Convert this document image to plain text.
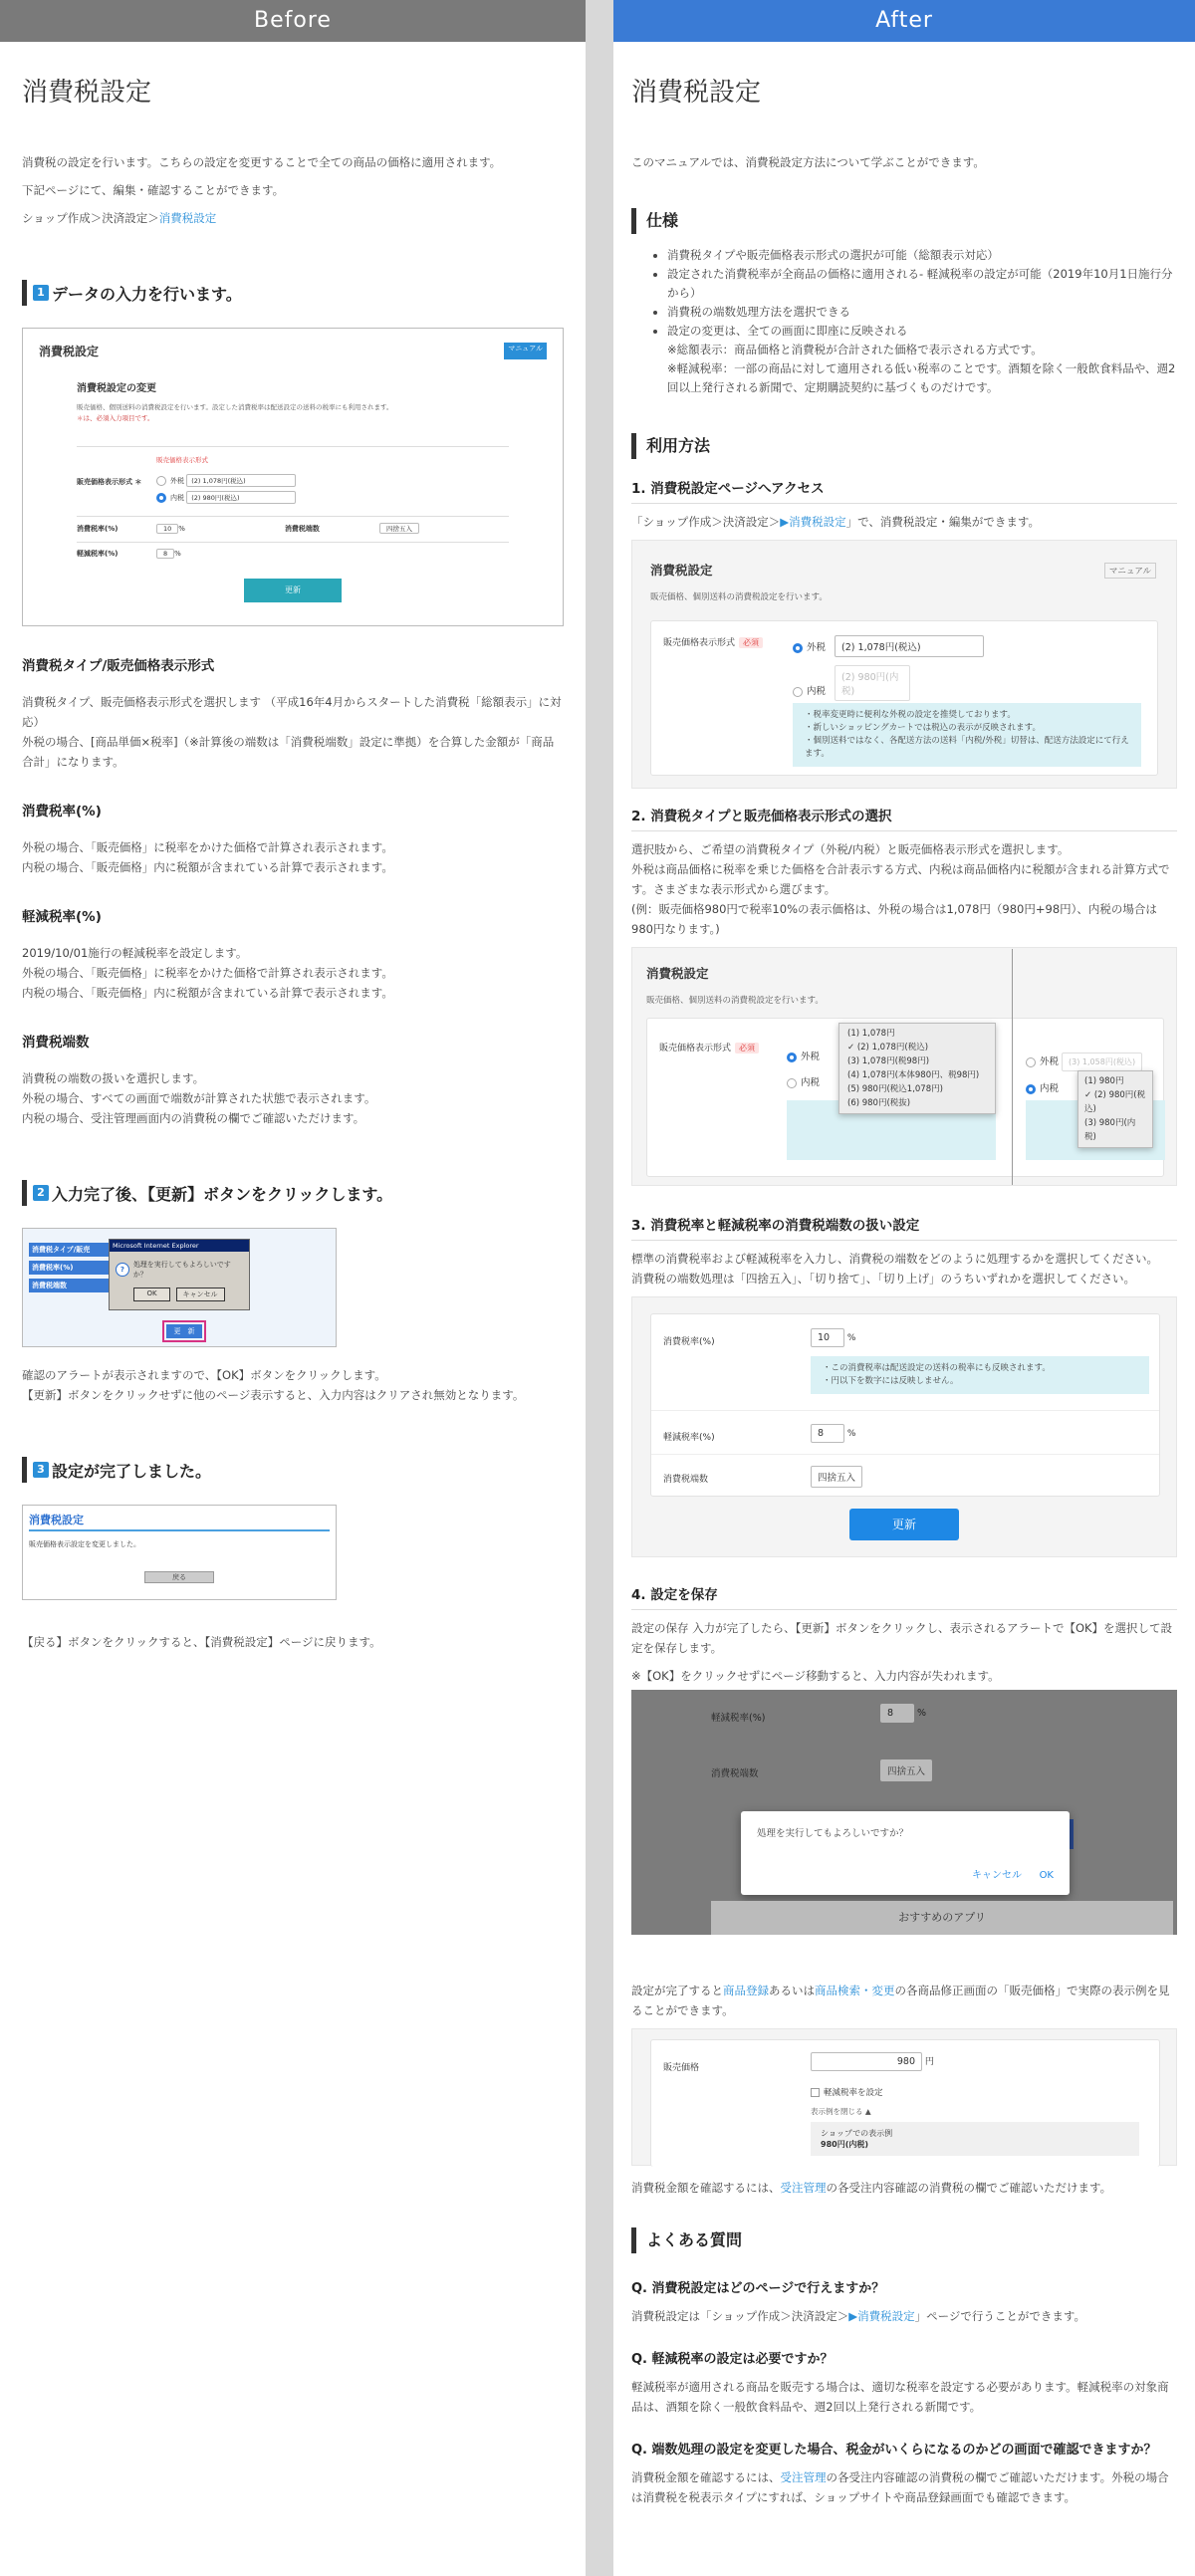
Before
消費税設定

消費税の設定を行います。こちらの設定を変更することで全ての商品の価格に適用されます。

下記ページにて、編集・確認することができます。

ショップ作成＞決済設定＞消費税設定

1 データの入力を行います。
消費税設定	マニュアル
消費税設定の変更
販売価格、個別送料の消費税設定を行います。設定した消費税率は配送設定の送料の税率にも利用されます。
＊は、必須入力項目です。
販売価格表示形式 ＊
販売価格表示形式
外税 (2) 1,078円(税込)
内税 (2) 980円(税込)
消費税率(%)	10	%	消費税端数	四捨五入
軽減税率(%)	8	%
更新
消費税タイプ/販売価格表示形式

消費税タイプ、販売価格表示形式を選択します （平成16年4月からスタートした消費税「総額表示」に対応）

外税の場合、[商品単価×税率]（※計算後の端数は「消費税端数」設定に準拠）を合算した金額が「商品合計」になります。

消費税率(%)

外税の場合、「販売価格」に税率をかけた価格で計算され表示されます。

内税の場合、「販売価格」内に税額が含まれている計算で表示されます。

軽減税率(%)

2019/10/01施行の軽減税率を設定します。

外税の場合、「販売価格」に税率をかけた価格で計算され表示されます。

内税の場合、「販売価格」内に税額が含まれている計算で表示されます。

消費税端数

消費税の端数の扱いを選択します。

外税の場合、すべての画面で端数が計算された状態で表示されます。

内税の場合、受注管理画面内の消費税の欄でご確認いただけます。

2 入力完了後、【更新】ボタンをクリックします。
消費税タイプ/販売
消費税率(%)
消費税端数
Microsoft Internet Explorer
?
処理を実行してもよろしいですか？
OK	キャンセル
更　新

確認のアラートが表示されますので、【OK】ボタンをクリックします。

【更新】ボタンをクリックせずに他のページ表示すると、入力内容はクリアされ無効となります。

3 設定が完了しました。
消費税設定
販売価格表示設定を変更しました。
戻る

【戻る】ボタンをクリックすると、【消費税設定】ページに戻ります。

After
消費税設定

このマニュアルでは、消費税設定方法について学ぶことができます。

仕様
• 消費税タイプや販売価格表示形式の選択が可能（総額表示対応）
• 設定された消費税率が全商品の価格に適用される- 軽減税率の設定が可能（2019年10月1日施行分から）
• 消費税の端数処理方法を選択できる
• 設定の変更は、全ての画面に即座に反映される

※総額表示：商品価格と消費税が合計された価格で表示される方式です。

※軽減税率：一部の商品に対して適用される低い税率のことです。酒類を除く一般飲食料品や、週2回以上発行される新聞で、定期購読契約に基づくものだけです。

利用方法
1. 消費税設定ページへアクセス

「ショップ作成＞決済設定＞▶消費税設定」で、消費税設定・編集ができます。

消費税設定	マニュアル
販売価格、個別送料の消費税設定を行います。
販売価格表示形式 必須	外税 (2) 1,078円(税込)
内税 (2) 980円(内税)
・税率変更時に便利な外税の設定を推奨しております。
・新しいショッピングカートでは税込の表示が反映されます。
・個別送料ではなく、各配送方法の送料「内税/外税」切替は、配送方法設定にて行えます。
2. 消費税タイプと販売価格表示形式の選択

選択肢から、ご希望の消費税タイプ（外税/内税）と販売価格表示形式を選択します。

外税は商品価格に税率を乗じた価格を合計表示する方式、内税は商品価格内に税額が含まれる計算方式です。さまざまな表示形式から選びます。

(例：販売価格980円で税率10%の表示価格は、外税の場合は1,078円（980円+98円）、内税の場合は980円なります。)

消費税設定
販売価格、個別送料の消費税設定を行います。
販売価格表示形式 必須
外税
内税
(1) 1,078円
✓ (2) 1,078円(税込)
(3) 1,078円(税98円)
(4) 1,078円(本体980円、税98円)
(5) 980円(税込1,078円)
(6) 980円(税抜)
外税 (3) 1,058円(税込)
内税
(1) 980円
✓ (2) 980円(税込)
(3) 980円(内税)
3. 消費税率と軽減税率の消費税端数の扱い設定

標準の消費税率および軽減税率を入力し、消費税の端数をどのように処理するかを選択してください。

消費税の端数処理は「四捨五入」、「切り捨て」、「切り上げ」のうちいずれかを選択してください。

消費税率(%)	10 %
・この消費税率は配送設定の送料の税率にも反映されます。
・円以下を数字には反映しません。
軽減税率(%)	8	%
消費税端数	四捨五入
更新
4. 設定を保存

設定の保存 入力が完了したら、【更新】ボタンをクリックし、表示されるアラートで【OK】を選択して設定を保存します。

※【OK】をクリックせずにページ移動すると、入力内容が失われます。

軽減税率(%)	8	%
消費税端数	四捨五入
処理を実行してもよろしいですか？
キャンセル OK
おすすめのアプリ

設定が完了すると商品登録あるいは商品検索・変更の各商品修正画面の「販売価格」で実際の表示例を見ることができます。

販売価格
980 円
軽減税率を設定
表示例を閉じる ▲
ショップでの表示例
980円(内税)

消費税金額を確認するには、受注管理の各受注内容確認の消費税の欄でご確認いただけます。

よくある質問
Q. 消費税設定はどのページで行えますか？

消費税設定は「ショップ作成＞決済設定＞▶消費税設定」ページで行うことができます。

Q. 軽減税率の設定は必要ですか？

軽減税率が適用される商品を販売する場合は、適切な税率を設定する必要があります。軽減税率の対象商品は、酒類を除く一般飲食料品や、週2回以上発行される新聞です。

Q. 端数処理の設定を変更した場合、税金がいくらになるのかどの画面で確認できますか？

消費税金額を確認するには、受注管理の各受注内容確認の消費税の欄でご確認いただけます。外税の場合は消費税を税表示タイプにすれば、ショップサイトや商品登録画面でも確認できます。
